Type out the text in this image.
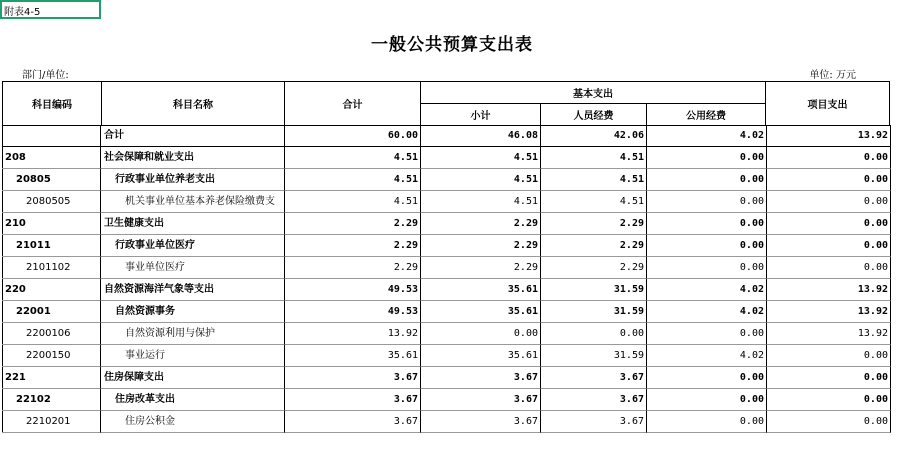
附表4-5
一般公共预算支出表
部门/单位:	单位: 万元
科目编码	科目名称	合计
基本支出
小计	人员经费	公用经费
项目支出
合计	60.00	46.08	42.06	4.02	13.92
208	社会保障和就业支出	4.51	4.51	4.51	0.00	0.00
20805	行政事业单位养老支出	4.51	4.51	4.51	0.00	0.00
2080505	机关事业单位基本养老保险缴费支	4.51	4.51	4.51	0.00	0.00
210	卫生健康支出	2.29	2.29	2.29	0.00	0.00
21011	行政事业单位医疗	2.29	2.29	2.29	0.00	0.00
2101102	事业单位医疗	2.29	2.29	2.29	0.00	0.00
220	自然资源海洋气象等支出	49.53	35.61	31.59	4.02	13.92
22001	自然资源事务	49.53	35.61	31.59	4.02	13.92
2200106	自然资源利用与保护	13.92	0.00	0.00	0.00	13.92
2200150	事业运行	35.61	35.61	31.59	4.02	0.00
221	住房保障支出	3.67	3.67	3.67	0.00	0.00
22102	住房改革支出	3.67	3.67	3.67	0.00	0.00
2210201	住房公积金	3.67	3.67	3.67	0.00	0.00
